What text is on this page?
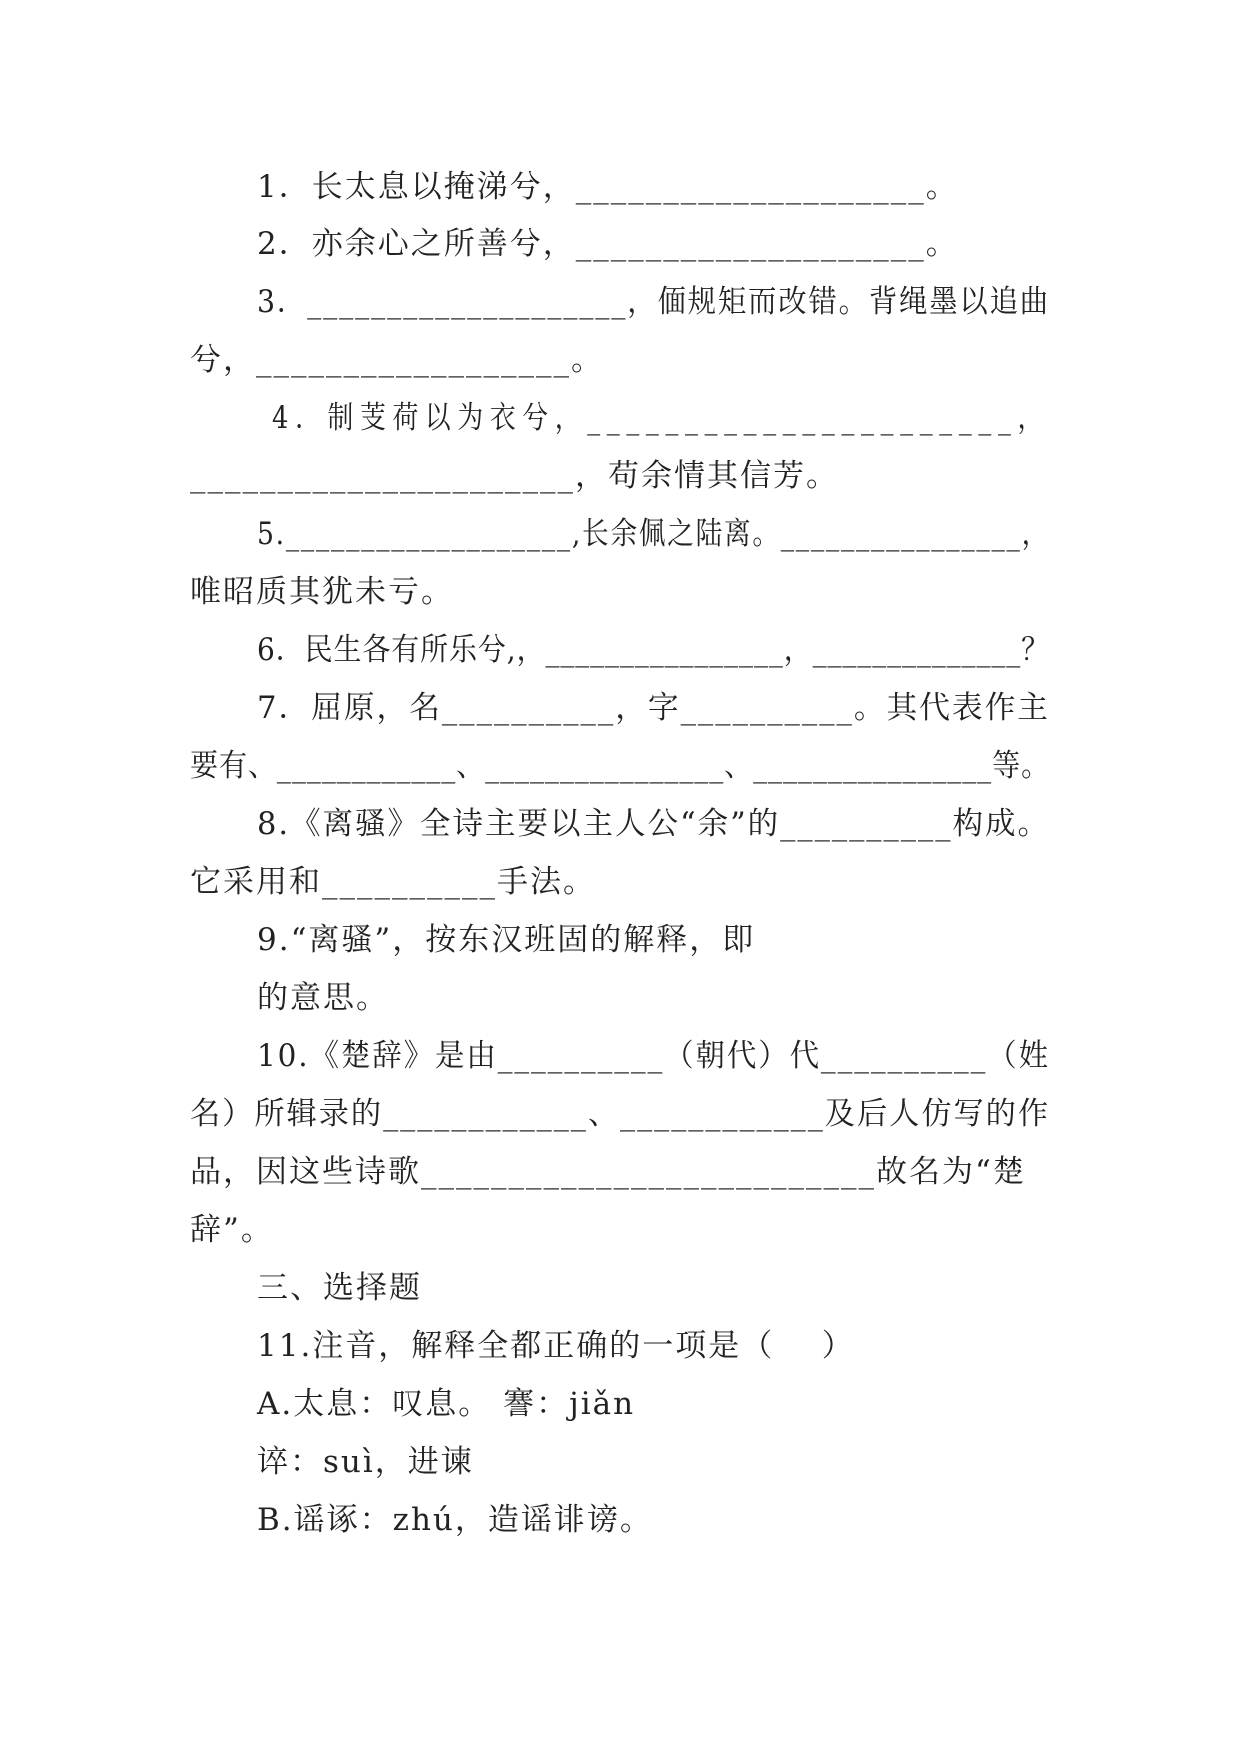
1．长太息以掩涕兮，____________________。
2．亦余心之所善兮，____________________。
3．____________________，偭规矩而改错。背绳墨以追曲
兮，__________________。
4．制芰荷以为衣兮，______________________，
______________________，苟余情其信芳。
5.___________________,长余佩之陆离。________________，
唯昭质其犹未亏。
6．民生各有所乐兮,，________________，______________？
7．屈原，名__________，字__________。其代表作主
要有、____________、________________、________________等。
8.《离骚》全诗主要以主人公“余”的__________构成。
它采用和__________手法。
9.“离骚”，按东汉班固的解释，即
的意思。
10.《楚辞》是由__________（朝代）代__________（姓
名）所辑录的____________、____________及后人仿写的作
品，因这些诗歌__________________________故名为“楚
辞”。
三、选择题
11.注音，解释全都正确的一项是（    ）
A.太息：叹息。 謇：jiǎn
谇：suì，进谏
B.谣诼：zhú，造谣诽谤。
